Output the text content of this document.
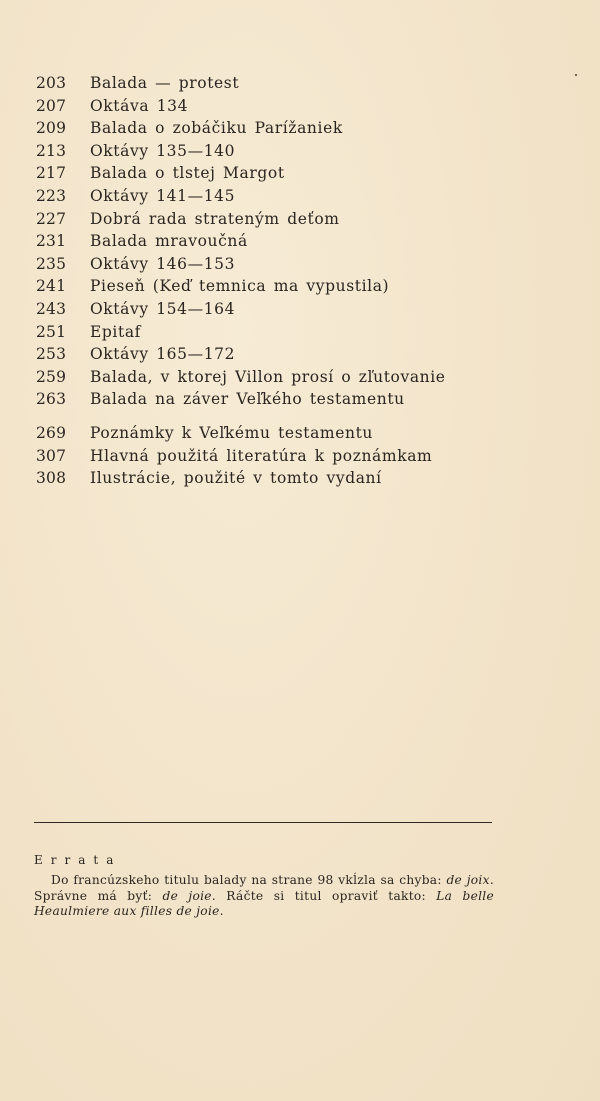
203	Balada — protest
207	Oktáva 134
209	Balada o zobáčiku Parížaniek
213	Oktávy 135—140
217	Balada o tlstej Margot
223	Oktávy 141—145
227	Dobrá rada strateným deťom
231	Balada mravoučná
235	Oktávy 146—153
241	Pieseň (Keď temnica ma vypustila)
243	Oktávy 154—164
251	Epitaf
253	Oktávy 165—172
259	Balada, v ktorej Villon prosí o zľutovanie
263	Balada na záver Veľkého testamentu
269	Poznámky k Veľkému testamentu
307	Hlavná použitá literatúra k poznámkam
308	Ilustrácie, použité v tomto vydaní
Errata

Do francúzskeho titulu balady na strane 98 vkĺzla sa chyba: de joix. Správne má byť: de joie. Ráčte si titul opraviť takto: La belle Heaulmiere aux filles de joie.
